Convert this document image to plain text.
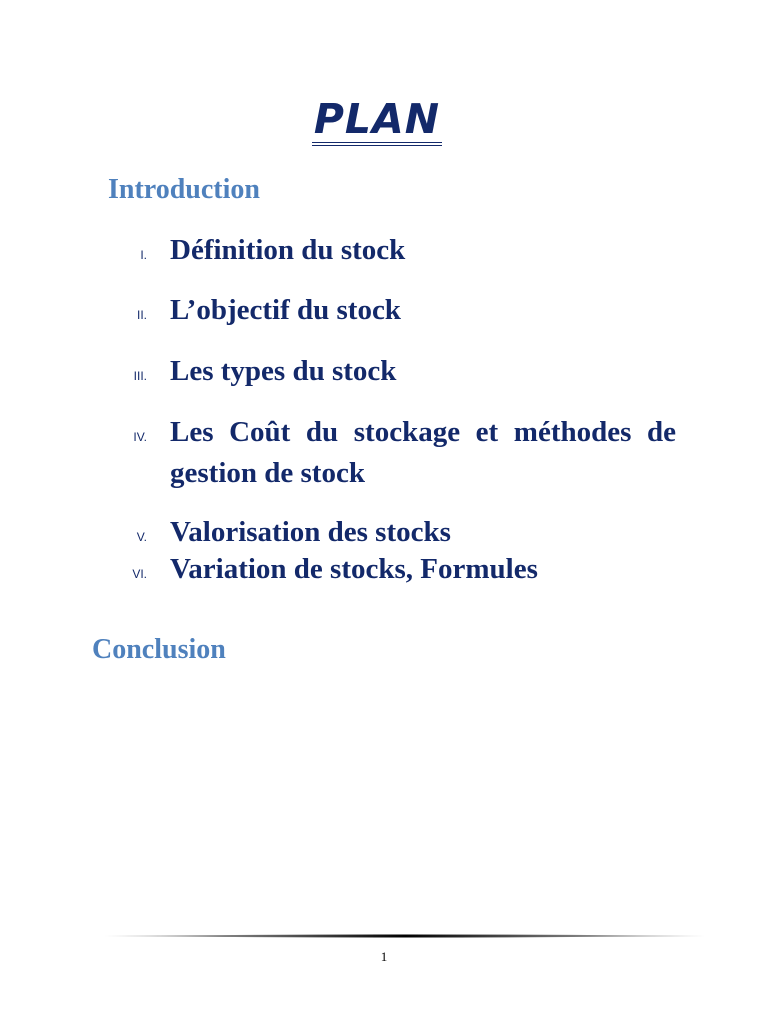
PLAN
Introduction
I. Définition du stock
II. L’objectif du stock
III. Les types du stock
IV. Les Coût du stockage et méthodes de gestion de stock
V. Valorisation des stocks
VI. Variation de stocks, Formules
Conclusion
1
